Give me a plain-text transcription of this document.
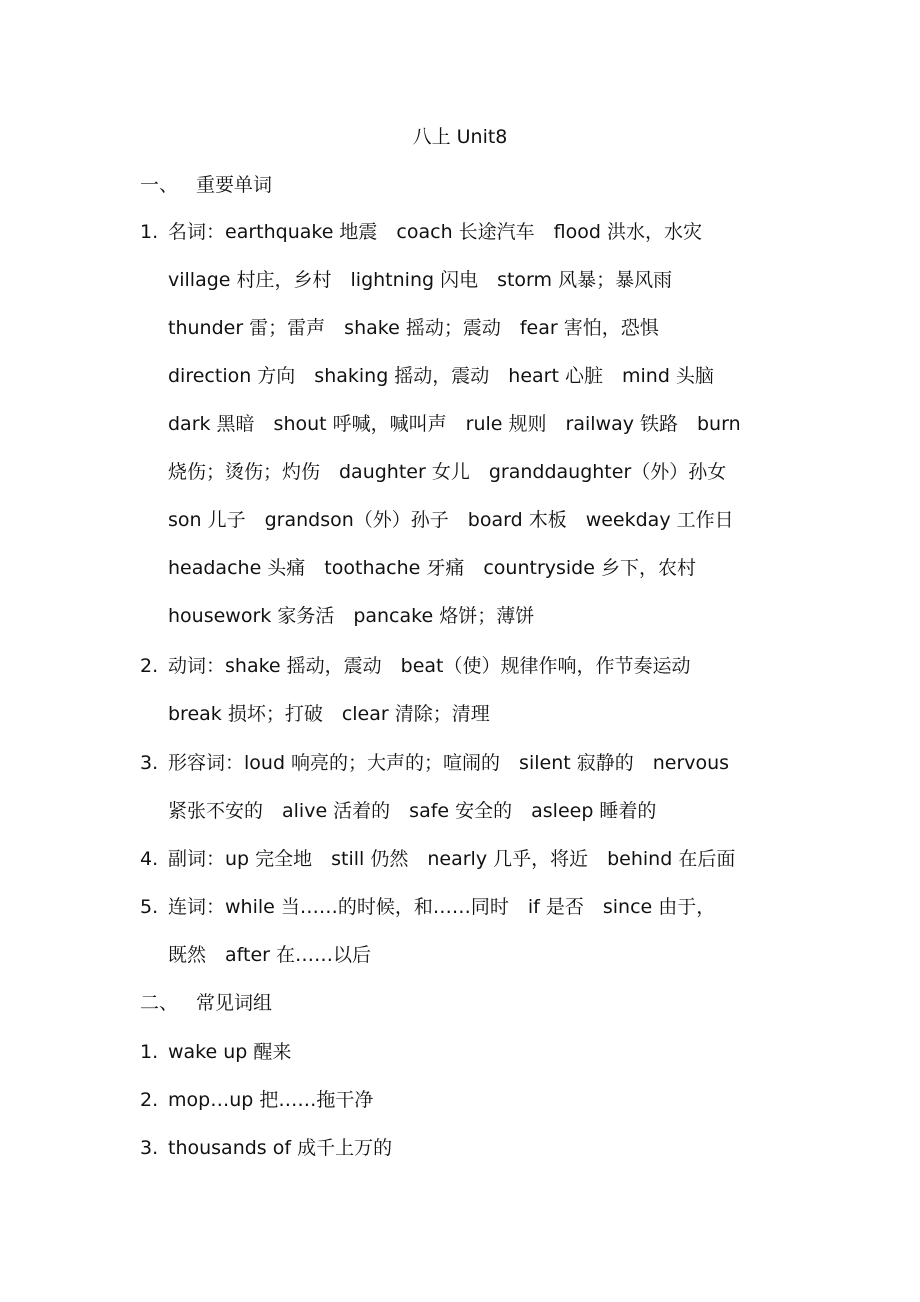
八上 Unit8
一、 重要单词
1. 名词：earthquake 地震　coach 长途汽车　flood 洪水，水灾
village 村庄，乡村　lightning 闪电　storm 风暴；暴风雨
thunder 雷；雷声　shake 摇动；震动　fear 害怕，恐惧
direction 方向　shaking 摇动，震动　heart 心脏　mind 头脑
dark 黑暗　shout 呼喊，喊叫声　rule 规则　railway 铁路　burn
烧伤；烫伤；灼伤　daughter 女儿　granddaughter（外）孙女
son 儿子　grandson（外）孙子　board 木板　weekday 工作日
headache 头痛　toothache 牙痛　countryside 乡下，农村
housework 家务活　pancake 烙饼；薄饼
2. 动词：shake 摇动，震动　beat（使）规律作响，作节奏运动
break 损坏；打破　clear 清除；清理
3. 形容词：loud 响亮的；大声的；喧闹的　silent 寂静的　nervous
紧张不安的　alive 活着的　safe 安全的　asleep 睡着的
4. 副词：up 完全地　still 仍然　nearly 几乎，将近　behind 在后面
5. 连词：while 当……的时候，和……同时　if 是否　since 由于，
既然　after 在……以后
二、 常见词组
1. wake up 醒来
2. mop…up 把……拖干净
3. thousands of 成千上万的
